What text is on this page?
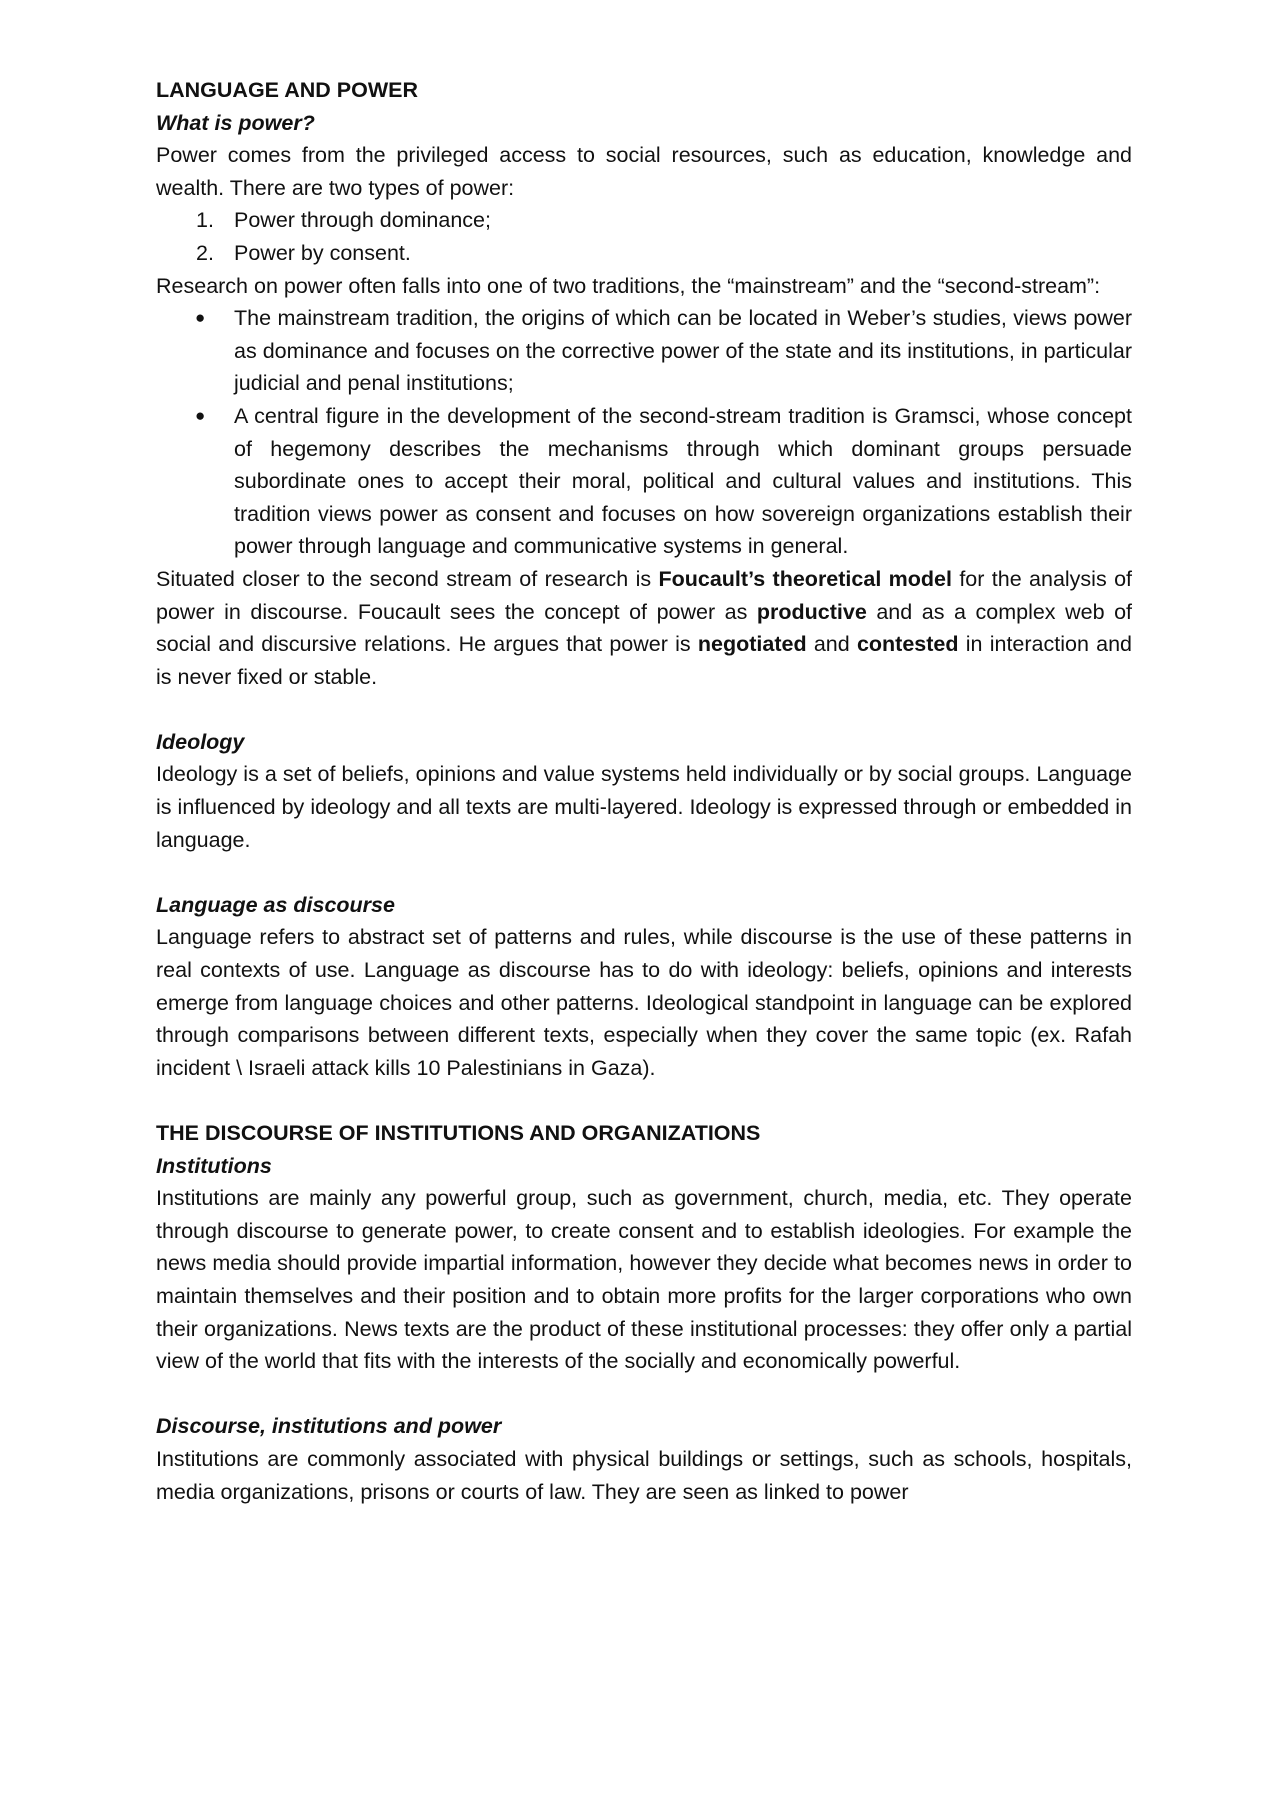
LANGUAGE AND POWER

What is power?

Power comes from the privileged access to social resources, such as education, knowledge and wealth. There are two types of power:

1. Power through dominance;
2. Power by consent.

Research on power often falls into one of two traditions, the “mainstream” and the “second-stream”:

● The mainstream tradition, the origins of which can be located in Weber’s studies, views power as dominance and focuses on the corrective power of the state and its institutions, in particular judicial and penal institutions;
● A central figure in the development of the second-stream tradition is Gramsci, whose concept of hegemony describes the mechanisms through which dominant groups persuade subordinate ones to accept their moral, political and cultural values and institutions. This tradition views power as consent and focuses on how sovereign organizations establish their power through language and communicative systems in general.

Situated closer to the second stream of research is Foucault’s theoretical model for the analysis of power in discourse. Foucault sees the concept of power as productive and as a complex web of social and discursive relations. He argues that power is negotiated and contested in interaction and is never fixed or stable.

Ideology

Ideology is a set of beliefs, opinions and value systems held individually or by social groups. Language is influenced by ideology and all texts are multi-layered. Ideology is expressed through or embedded in language.

Language as discourse

Language refers to abstract set of patterns and rules, while discourse is the use of these patterns in real contexts of use. Language as discourse has to do with ideology: beliefs, opinions and interests emerge from language choices and other patterns. Ideological standpoint in language can be explored through comparisons between different texts, especially when they cover the same topic (ex. Rafah incident \ Israeli attack kills 10 Palestinians in Gaza).

THE DISCOURSE OF INSTITUTIONS AND ORGANIZATIONS

Institutions

Institutions are mainly any powerful group, such as government, church, media, etc. They operate through discourse to generate power, to create consent and to establish ideologies. For example the news media should provide impartial information, however they decide what becomes news in order to maintain themselves and their position and to obtain more profits for the larger corporations who own their organizations. News texts are the product of these institutional processes: they offer only a partial view of the world that fits with the interests of the socially and economically powerful.

Discourse, institutions and power

Institutions are commonly associated with physical buildings or settings, such as schools, hospitals, media organizations, prisons or courts of law. They are seen as linked to power
